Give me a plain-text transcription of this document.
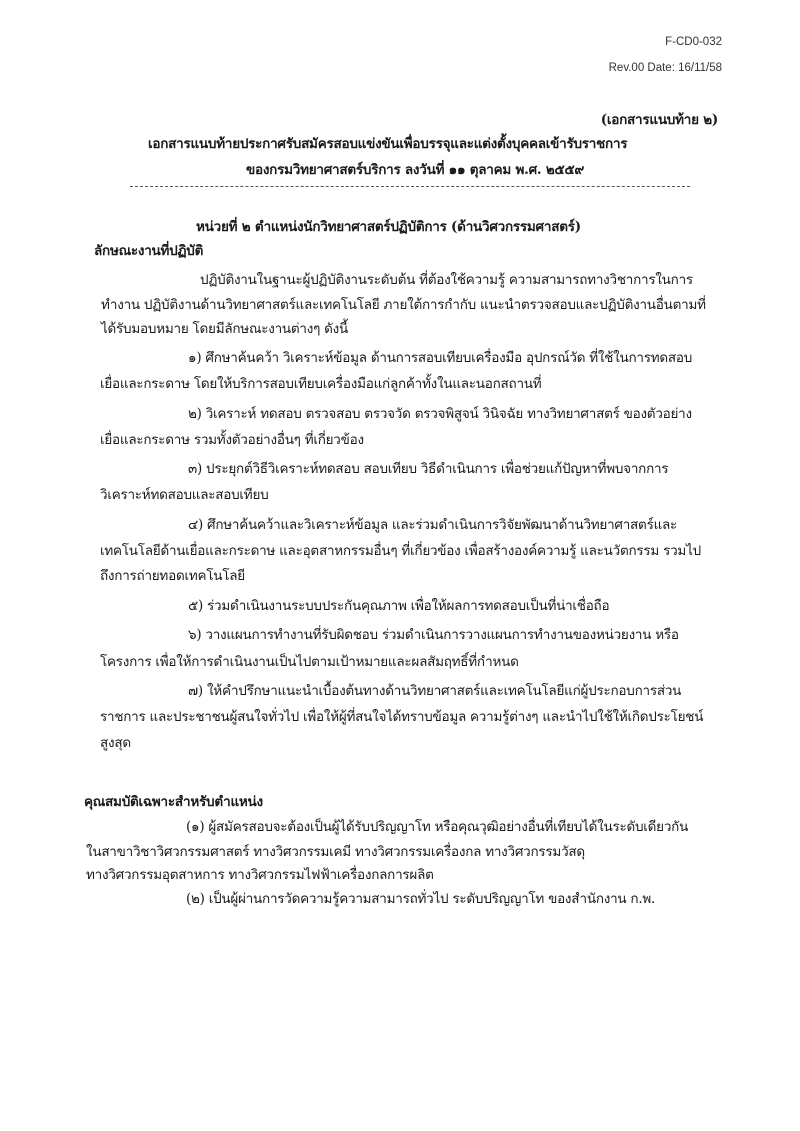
F-CD0-032
Rev.00 Date: 16/11/58
(เอกสารแนบท้าย ๒)
เอกสารแนบท้ายประกาศรับสมัครสอบแข่งขันเพื่อบรรจุและแต่งตั้งบุคคลเข้ารับราชการ
ของกรมวิทยาศาสตร์บริการ ลงวันที่ ๑๑ ตุลาคม พ.ศ. ๒๕๕๙
หน่วยที่ ๒ ตำแหน่งนักวิทยาศาสตร์ปฏิบัติการ (ด้านวิศวกรรมศาสตร์)
ลักษณะงานที่ปฏิบัติ
ปฏิบัติงานในฐานะผู้ปฏิบัติงานระดับต้น ที่ต้องใช้ความรู้ ความสามารถทางวิชาการในการ
ทำงาน ปฏิบัติงานด้านวิทยาศาสตร์และเทคโนโลยี ภายใต้การกำกับ แนะนำตรวจสอบและปฏิบัติงานอื่นตามที่
ได้รับมอบหมาย โดยมีลักษณะงานต่างๆ ดังนี้
๑) ศึกษาค้นคว้า วิเคราะห์ข้อมูล ด้านการสอบเทียบเครื่องมือ อุปกรณ์วัด ที่ใช้ในการทดสอบ
เยื่อและกระดาษ โดยให้บริการสอบเทียบเครื่องมือแก่ลูกค้าทั้งในและนอกสถานที่
๒) วิเคราะห์ ทดสอบ ตรวจสอบ ตรวจวัด ตรวจพิสูจน์ วินิจฉัย ทางวิทยาศาสตร์ ของตัวอย่าง
เยื่อและกระดาษ รวมทั้งตัวอย่างอื่นๆ ที่เกี่ยวข้อง
๓) ประยุกต์วิธีวิเคราะห์ทดสอบ สอบเทียบ วิธีดำเนินการ เพื่อช่วยแก้ปัญหาที่พบจากการ
วิเคราะห์ทดสอบและสอบเทียบ
๔) ศึกษาค้นคว้าและวิเคราะห์ข้อมูล และร่วมดำเนินการวิจัยพัฒนาด้านวิทยาศาสตร์และ
เทคโนโลยีด้านเยื่อและกระดาษ และอุตสาหกรรมอื่นๆ ที่เกี่ยวข้อง เพื่อสร้างองค์ความรู้ และนวัตกรรม รวมไป
ถึงการถ่ายทอดเทคโนโลยี
๕) ร่วมดำเนินงานระบบประกันคุณภาพ เพื่อให้ผลการทดสอบเป็นที่น่าเชื่อถือ
๖) วางแผนการทำงานที่รับผิดชอบ ร่วมดำเนินการวางแผนการทำงานของหน่วยงาน หรือ
โครงการ เพื่อให้การดำเนินงานเป็นไปตามเป้าหมายและผลสัมฤทธิ์ที่กำหนด
๗) ให้คำปรึกษาแนะนำเบื้องต้นทางด้านวิทยาศาสตร์และเทคโนโลยีแก่ผู้ประกอบการส่วน
ราชการ และประชาชนผู้สนใจทั่วไป เพื่อให้ผู้ที่สนใจได้ทราบข้อมูล ความรู้ต่างๆ และนำไปใช้ให้เกิดประโยชน์
สูงสุด
คุณสมบัติเฉพาะสำหรับตำแหน่ง
(๑) ผู้สมัครสอบจะต้องเป็นผู้ได้รับปริญญาโท หรือคุณวุฒิอย่างอื่นที่เทียบได้ในระดับเดียวกัน
ในสาขาวิชาวิศวกรรมศาสตร์ ทางวิศวกรรมเคมี ทางวิศวกรรมเครื่องกล ทางวิศวกรรมวัสดุ
ทางวิศวกรรมอุตสาหการ ทางวิศวกรรมไฟฟ้าเครื่องกลการผลิต
(๒) เป็นผู้ผ่านการวัดความรู้ความสามารถทั่วไป ระดับปริญญาโท ของสำนักงาน ก.พ.
